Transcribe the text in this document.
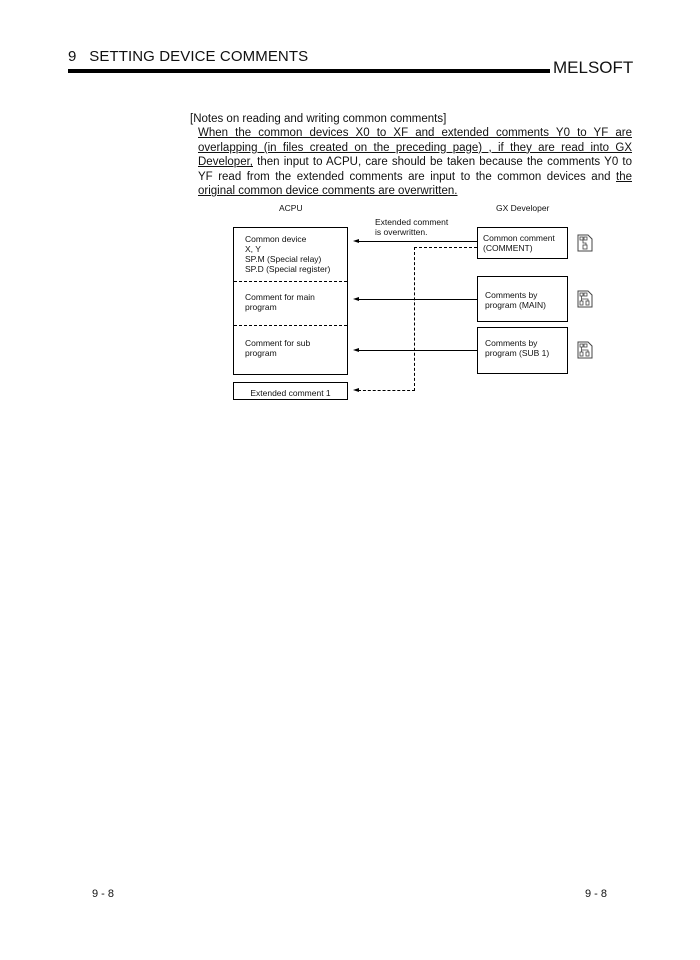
9   SETTING DEVICE COMMENTS
MELSOFT
[Notes on reading and writing common comments]
When the common devices X0 to XF and extended comments Y0 to YF are
overlapping (in files created on the preceding page) , if they are read into GX
Developer, then input to ACPU, care should be taken because the comments Y0 to
YF read from the extended comments are input to the common devices and the
original common device comments are overwritten.
ACPU	GX Developer
Extended comment
is overwritten.
Common device
X, Y
SP.M (Special relay)
SP.D (Special register)
Comment for main
program
Comment for sub
program
Extended comment 1
Common comment
(COMMENT)
Comments by
program (MAIN)
Comments by
program (SUB 1)
9 - 8	9 - 8
